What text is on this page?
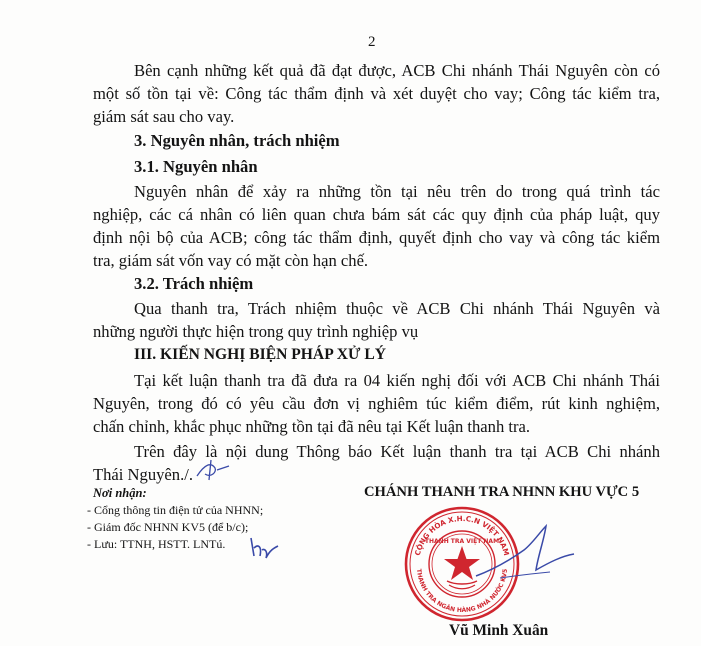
2

Bên cạnh những kết quả đã đạt được, ACB Chi nhánh Thái Nguyên còn có

một số tồn tại về: Công tác thẩm định và xét duyệt cho vay; Công tác kiểm tra,

giám sát sau cho vay.

3. Nguyên nhân, trách nhiệm

3.1. Nguyên nhân

Nguyên nhân để xảy ra những tồn tại nêu trên do trong quá trình tác

nghiệp, các cá nhân có liên quan chưa bám sát các quy định của pháp luật, quy

định nội bộ của ACB; công tác thẩm định, quyết định cho vay và công tác kiểm

tra, giám sát vốn vay có mặt còn hạn chế.

3.2. Trách nhiệm

Qua thanh tra, Trách nhiệm thuộc về ACB Chi nhánh Thái Nguyên và

những người thực hiện trong quy trình nghiệp vụ

III. KIẾN NGHỊ BIỆN PHÁP XỬ LÝ

Tại kết luận thanh tra đã đưa ra 04 kiến nghị đối với ACB Chi nhánh Thái

Nguyên, trong đó có yêu cầu đơn vị nghiêm túc kiểm điểm, rút kinh nghiệm,

chấn chỉnh, khắc phục những tồn tại đã nêu tại Kết luận thanh tra.

Trên đây là nội dung Thông báo Kết luận thanh tra tại ACB Chi nhánh

Thái Nguyên./.

Nơi nhận:

- Cổng thông tin điện tử của NHNN;

- Giám đốc NHNN KV5 (để b/c);

- Lưu: TTNH, HSTT. LNTú.

CHÁNH THANH TRA NHNN KHU VỰC 5

CỘNG HÒA X.H.C.N VIỆT NAM
THANH TRA NGÂN HÀNG NHÀ NƯỚC KV5
THANH TRA VIỆT NAM

Vũ Minh Xuân
